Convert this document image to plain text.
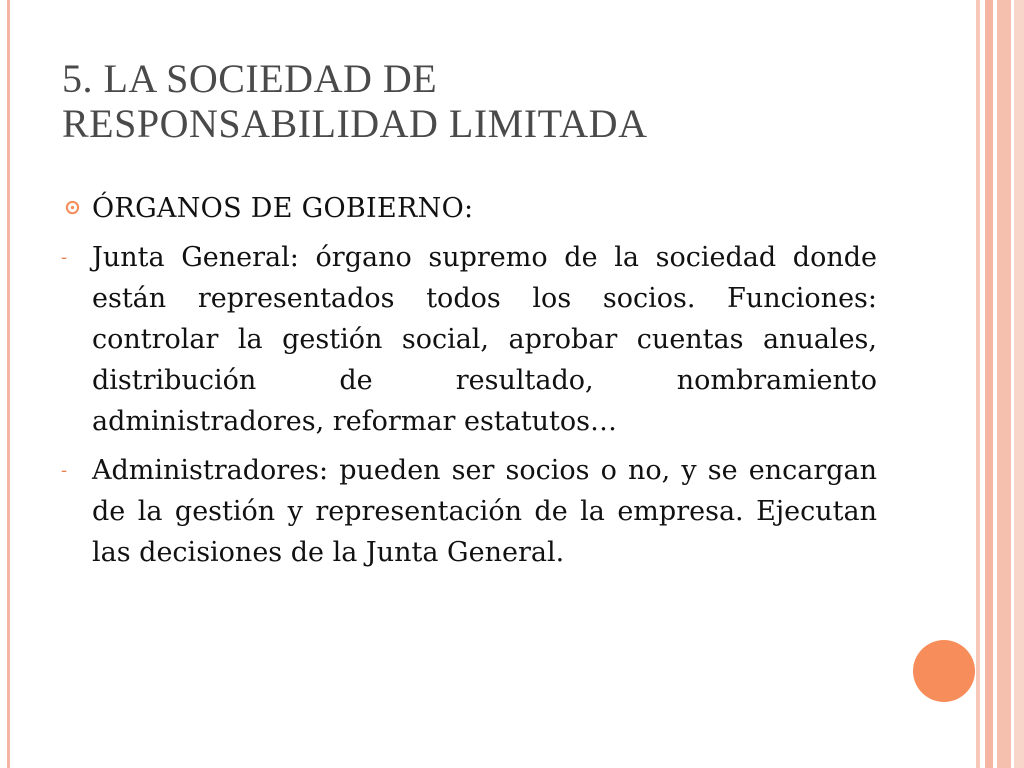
5. LA SOCIEDAD DE
RESPONSABILIDAD LIMITADA
ÓRGANOS DE GOBIERNO:
- Junta General: órgano supremo de la sociedad donde están representados todos los socios. Funciones: controlar la gestión social, aprobar cuentas anuales, distribución de resultado, nombramiento administradores, reformar estatutos…
- Administradores: pueden ser socios o no, y se encargan de la gestión y representación de la empresa. Ejecutan las decisiones de la Junta General.
